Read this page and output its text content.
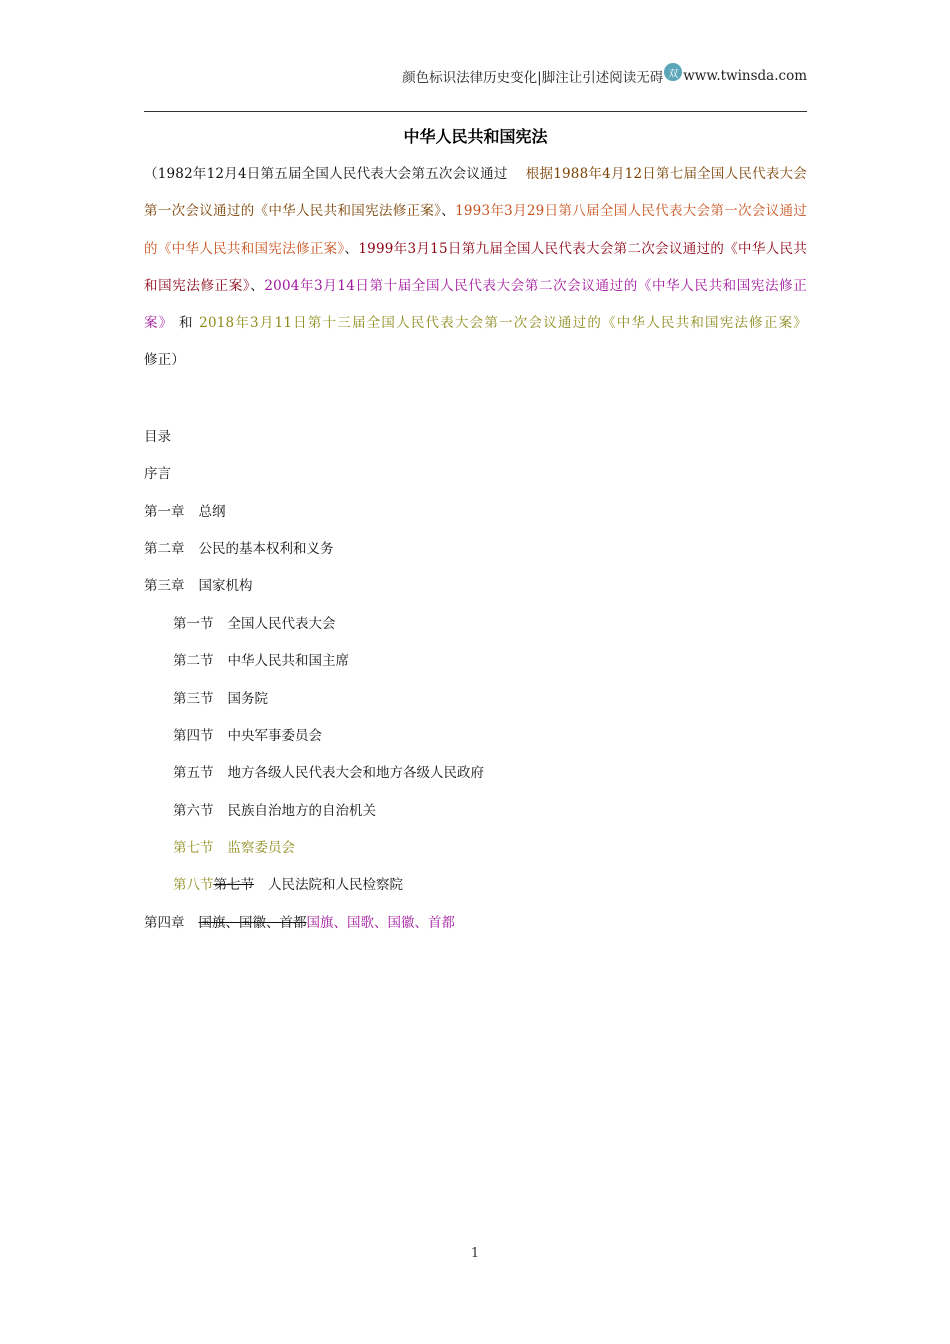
颜色标识法律历史变化|脚注让引述阅读无碍 双 www.twinsda.com
中华人民共和国宪法
（1982年12月4日第五届全国人民代表大会第五次会议通过  根据1988年4月12日第七届全国人民代表大会第一次会议通过的《中华人民共和国宪法修正案》、1993年3月29日第八届全国人民代表大会第一次会议通过的《中华人民共和国宪法修正案》、1999年3月15日第九届全国人民代表大会第二次会议通过的《中华人民共和国宪法修正案》、2004年3月14日第十届全国人民代表大会第二次会议通过的《中华人民共和国宪法修正案》 和 2018年3月11日第十三届全国人民代表大会第一次会议通过的《中华人民共和国宪法修正案》 修正）
目录
序言
第一章 总纲
第二章 公民的基本权利和义务
第三章 国家机构
第一节 全国人民代表大会
第二节 中华人民共和国主席
第三节 国务院
第四节 中央军事委员会
第五节 地方各级人民代表大会和地方各级人民政府
第六节 民族自治地方的自治机关
第七节 监察委员会
第八节第七节 人民法院和人民检察院
第四章 国旗、国徽、首都国旗、国歌、国徽、首都
1
